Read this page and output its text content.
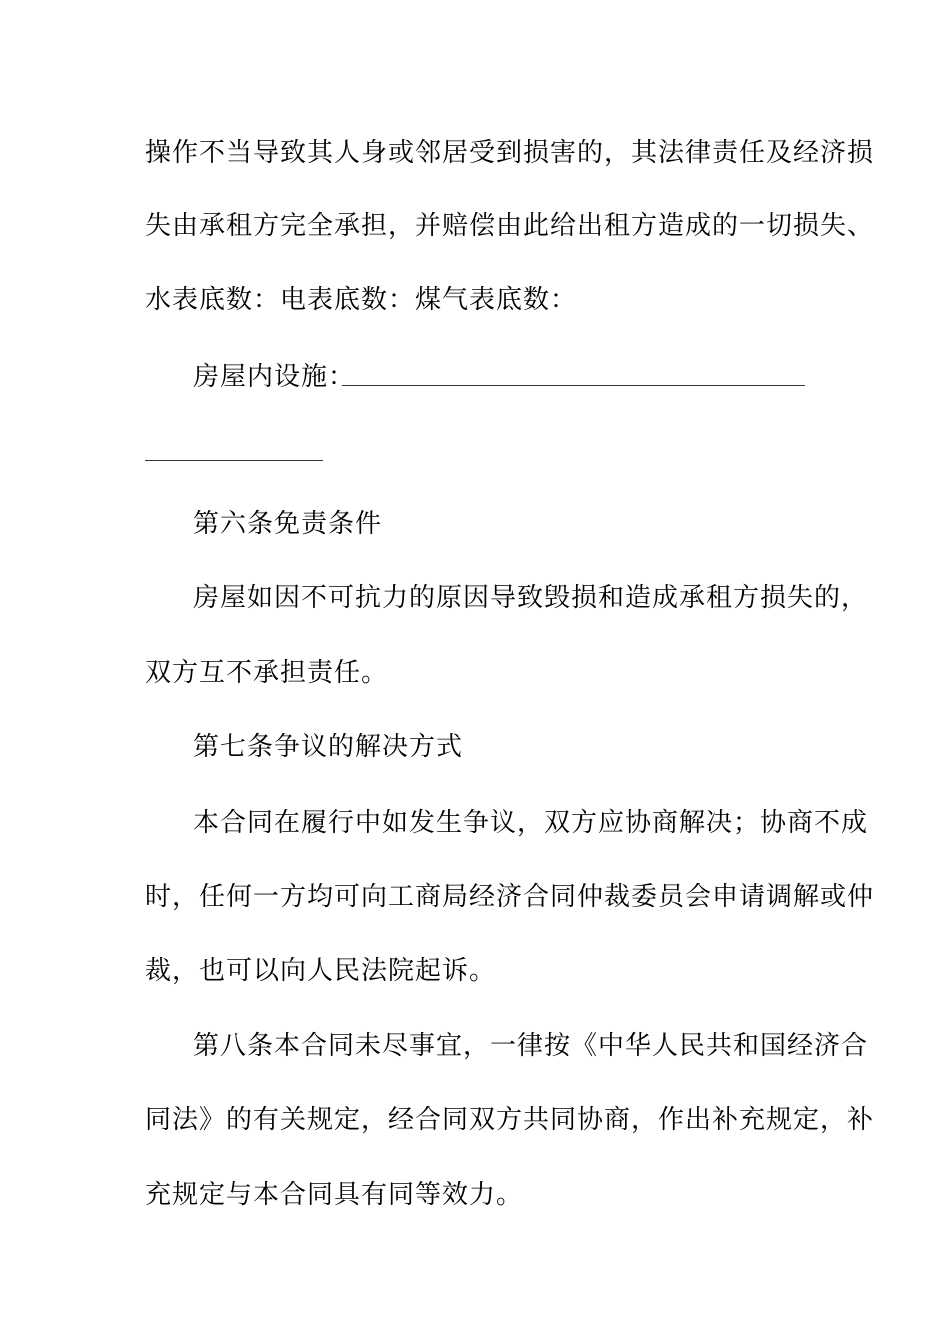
操作不当导致其人身或邻居受到损害的，其法律责任及经济损
失由承租方完全承担，并赔偿由此给出租方造成的一切损失、
水表底数：电表底数：煤气表底数：
房屋内设施：
第六条免责条件
房屋如因不可抗力的原因导致毁损和造成承租方损失的，
双方互不承担责任。
第七条争议的解决方式
本合同在履行中如发生争议，双方应协商解决；协商不成
时，任何一方均可向工商局经济合同仲裁委员会申请调解或仲
裁，也可以向人民法院起诉。
第八条本合同未尽事宜，一律按《中华人民共和国经济合
同法》的有关规定，经合同双方共同协商，作出补充规定，补
充规定与本合同具有同等效力。
